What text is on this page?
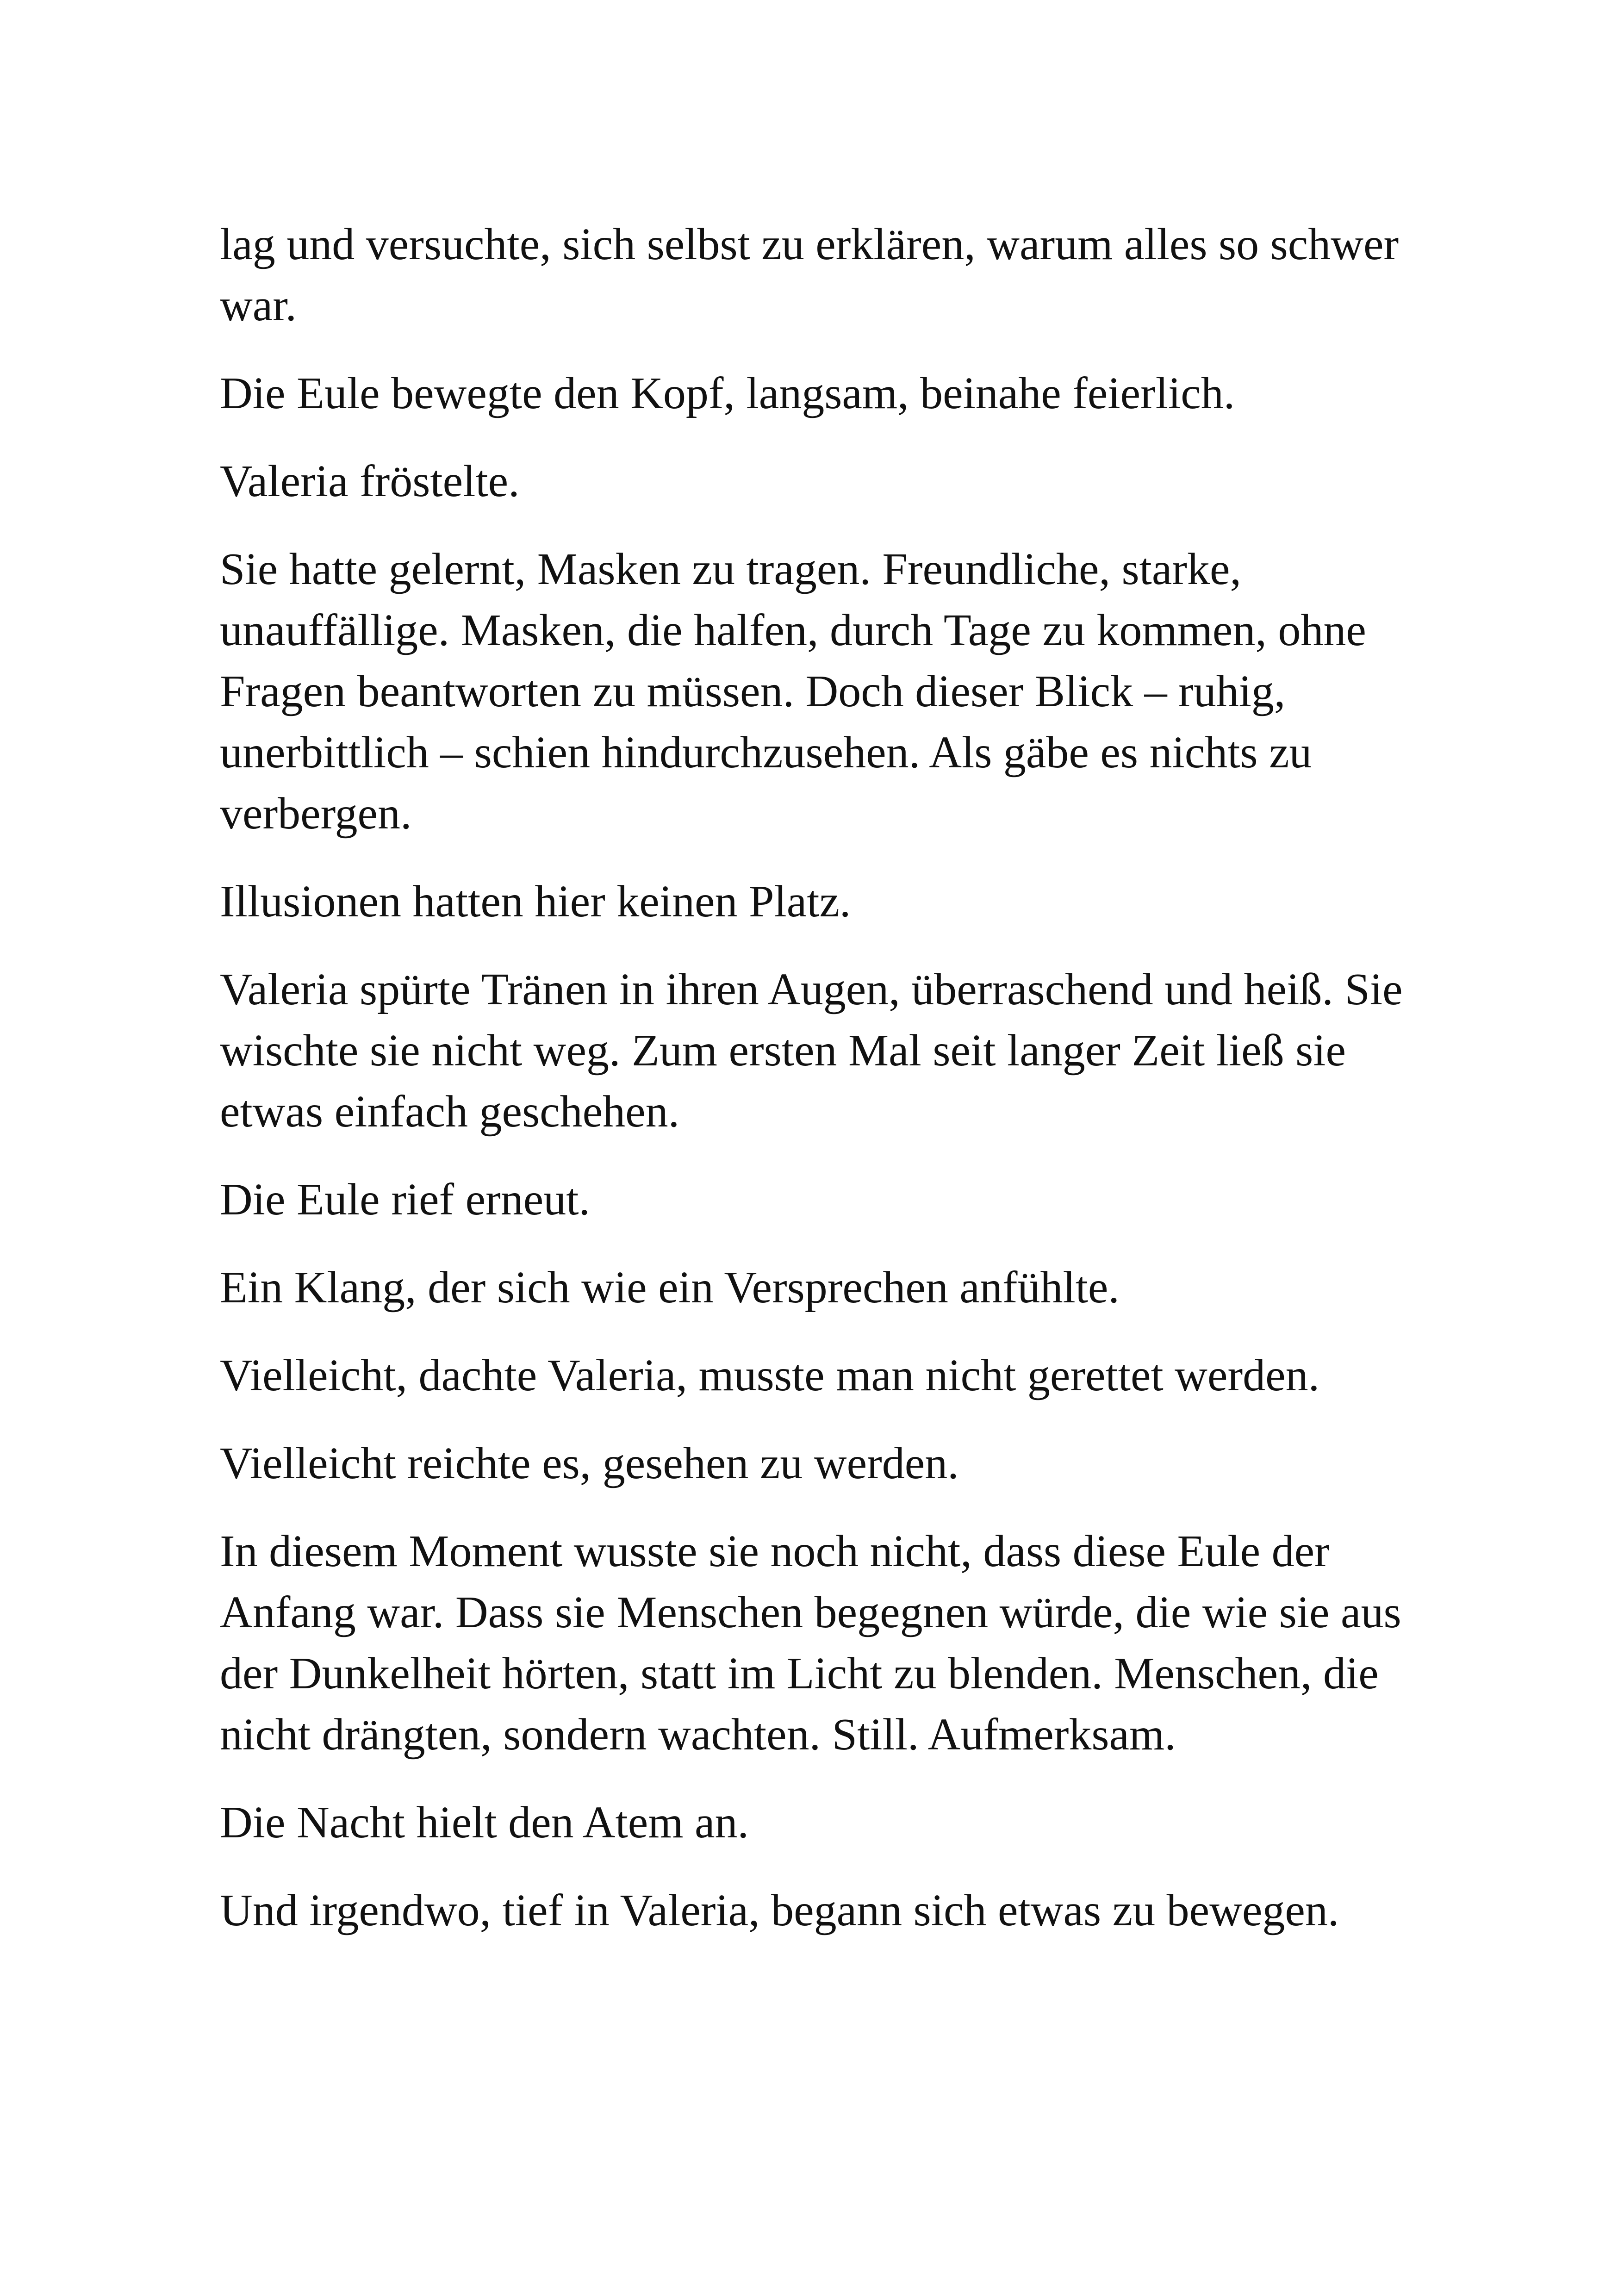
lag und versuchte, sich selbst zu erklären, warum alles so schwer war.

Die Eule bewegte den Kopf, langsam, beinahe feierlich.

Valeria fröstelte.

Sie hatte gelernt, Masken zu tragen. Freundliche, starke, unauffällige. Masken, die halfen, durch Tage zu kommen, ohne Fragen beantworten zu müssen. Doch dieser Blick – ruhig, unerbittlich – schien hindurchzusehen. Als gäbe es nichts zu verbergen.

Illusionen hatten hier keinen Platz.

Valeria spürte Tränen in ihren Augen, überraschend und heiß. Sie wischte sie nicht weg. Zum ersten Mal seit langer Zeit ließ sie etwas einfach geschehen.

Die Eule rief erneut.

Ein Klang, der sich wie ein Versprechen anfühlte.

Vielleicht, dachte Valeria, musste man nicht gerettet werden.

Vielleicht reichte es, gesehen zu werden.

In diesem Moment wusste sie noch nicht, dass diese Eule der Anfang war. Dass sie Menschen begegnen würde, die wie sie aus der Dunkelheit hörten, statt im Licht zu blenden. Menschen, die nicht drängten, sondern wachten. Still. Aufmerksam.

Die Nacht hielt den Atem an.

Und irgendwo, tief in Valeria, begann sich etwas zu bewegen.
